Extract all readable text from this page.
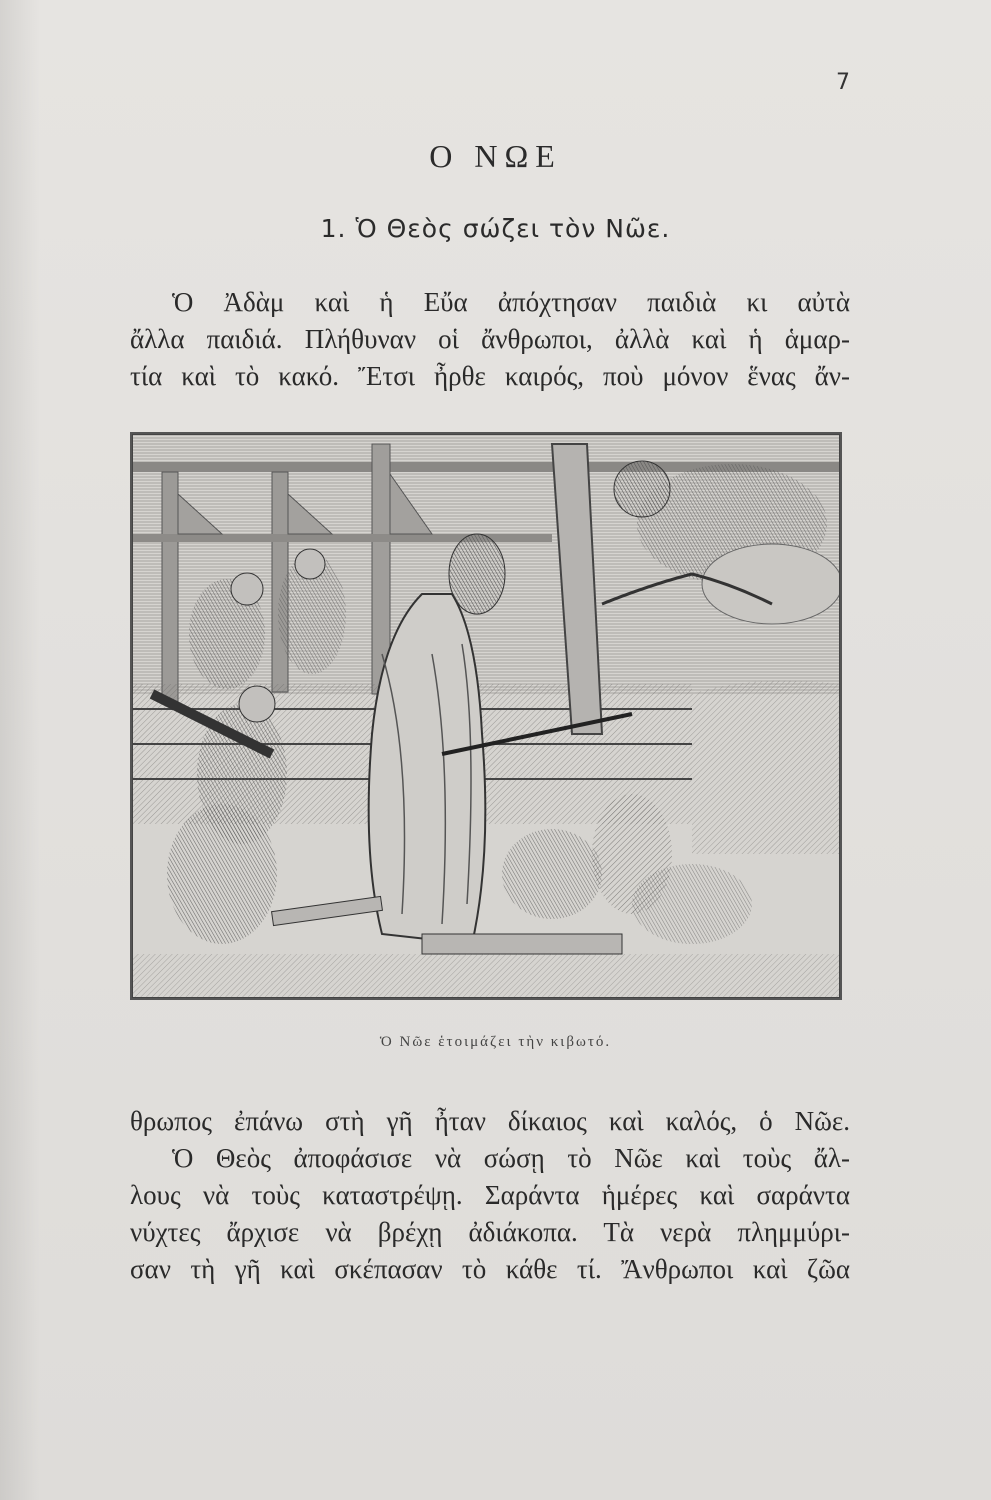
7
Ο ΝΩΕ
1. Ὁ Θεὸς σώζει τὸν Νῶε.
Ὁ Ἀδὰμ καὶ ἡ Εὔα ἀπόχτησαν παιδιὰ κι αὐτὰ
ἄλλα παιδιά. Πλήθυναν οἱ ἄνθρωποι, ἀλλὰ καὶ ἡ ἁμαρ-
τία καὶ τὸ κακό. Ἔτσι ἦρθε καιρός, ποὺ μόνον ἕνας ἄν-
Ὁ Νῶε ἑτοιμάζει τὴν κιβωτό.
θρωπος ἐπάνω στὴ γῆ ἦταν δίκαιος καὶ καλός, ὁ Νῶε.
Ὁ Θεὸς ἀποφάσισε νὰ σώσῃ τὸ Νῶε καὶ τοὺς ἄλ-
λους νὰ τοὺς καταστρέψῃ. Σαράντα ἡμέρες καὶ σαράντα
νύχτες ἄρχισε νὰ βρέχῃ ἀδιάκοπα. Τὰ νερὰ πλημμύρι-
σαν τὴ γῆ καὶ σκέπασαν τὸ κάθε τί. Ἄνθρωποι καὶ ζῶα
